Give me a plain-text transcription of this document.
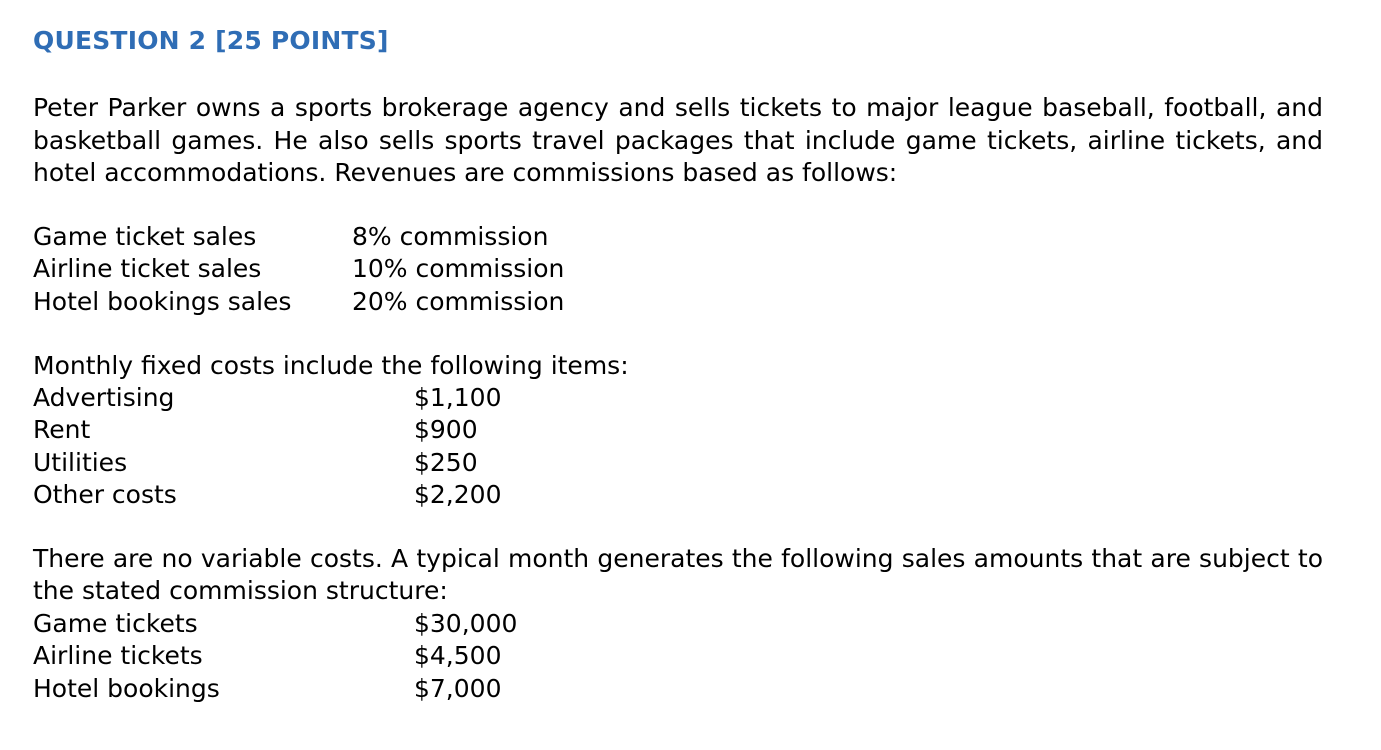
QUESTION 2 [25 POINTS]

Peter Parker owns a sports brokerage agency and sells tickets to major league baseball, football, and basketball games. He also sells sports travel packages that include game tickets, airline tickets, and hotel accommodations. Revenues are commissions based as follows:

Game ticket sales	8% commission
Airline ticket sales	10% commission
Hotel bookings sales 20% commission

Monthly fixed costs include the following items:

Advertising	$1,100
Rent	$900
Utilities	$250
Other costs	$2,200

There are no variable costs. A typical month generates the following sales amounts that are subject to the stated commission structure:

Game tickets	$30,000
Airline tickets	$4,500
Hotel bookings	$7,000
